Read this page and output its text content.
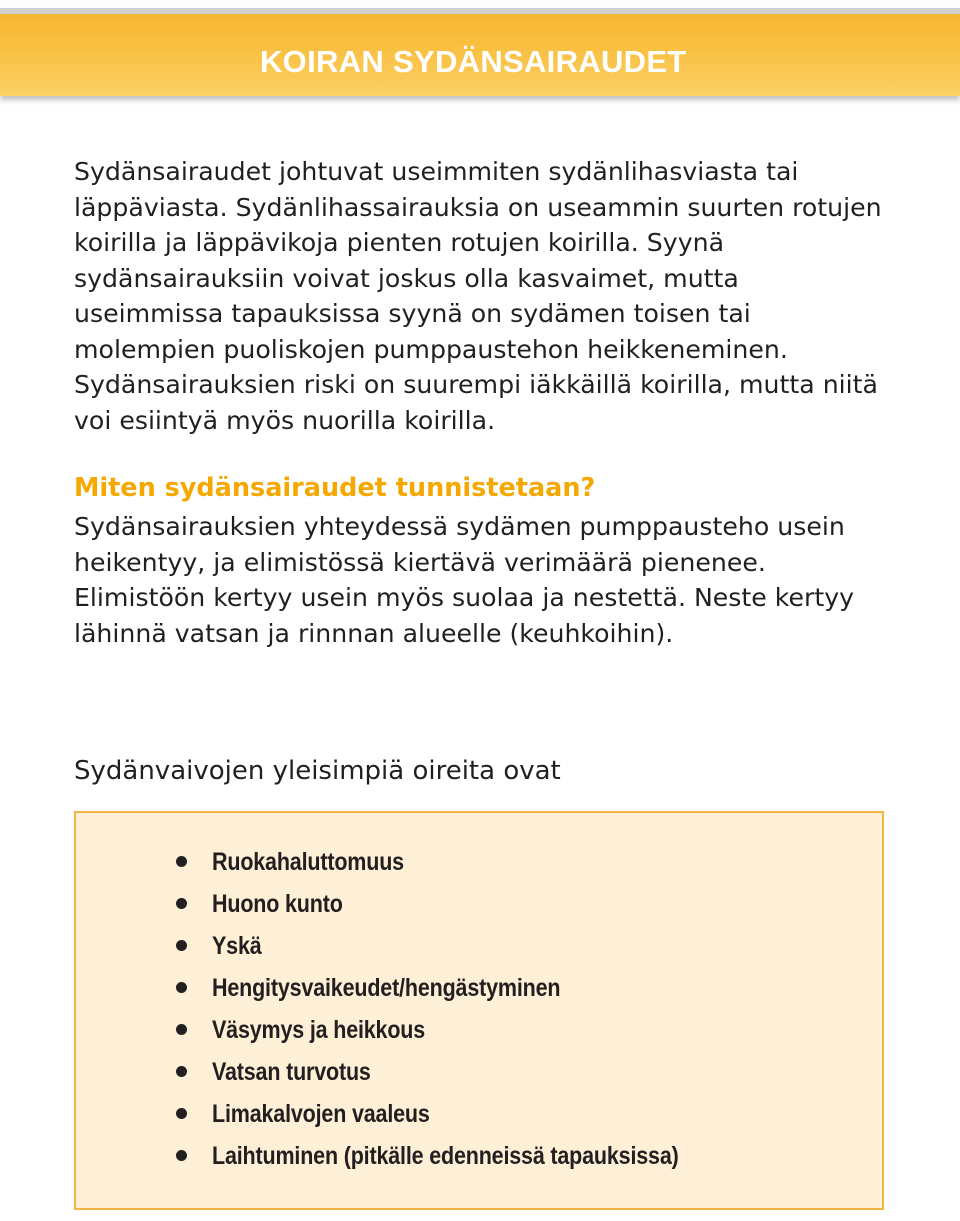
KOIRAN SYDÄNSAIRAUDET

Sydänsairaudet johtuvat useimmiten sydänlihasviasta tai läppäviasta. Sydänlihassairauksia on useammin suurten rotujen koirilla ja läppävikoja pienten rotujen koirilla. Syynä sydänsairauksiin voivat joskus olla kasvaimet, mutta useimmissa tapauksissa syynä on sydämen toisen tai molempien puoliskojen pumppaustehon heikkeneminen. Sydänsairauksien riski on suurempi iäkkäillä koirilla, mutta niitä voi esiintyä myös nuorilla koirilla.

Miten sydänsairaudet tunnistetaan?

Sydänsairauksien yhteydessä sydämen pumppausteho usein heikentyy, ja elimistössä kiertävä verimäärä pienenee. Elimistöön kertyy usein myös suolaa ja nestettä. Neste kertyy lähinnä vatsan ja rinnnan alueelle (keuhkoihin).

Sydänvaivojen yleisimpiä oireita ovat

Ruokahaluttomuus
Huono kunto
Yskä
Hengitysvaikeudet/hengästyminen
Väsymys ja heikkous
Vatsan turvotus
Limakalvojen vaaleus
Laihtuminen (pitkälle edenneissä tapauksissa)
